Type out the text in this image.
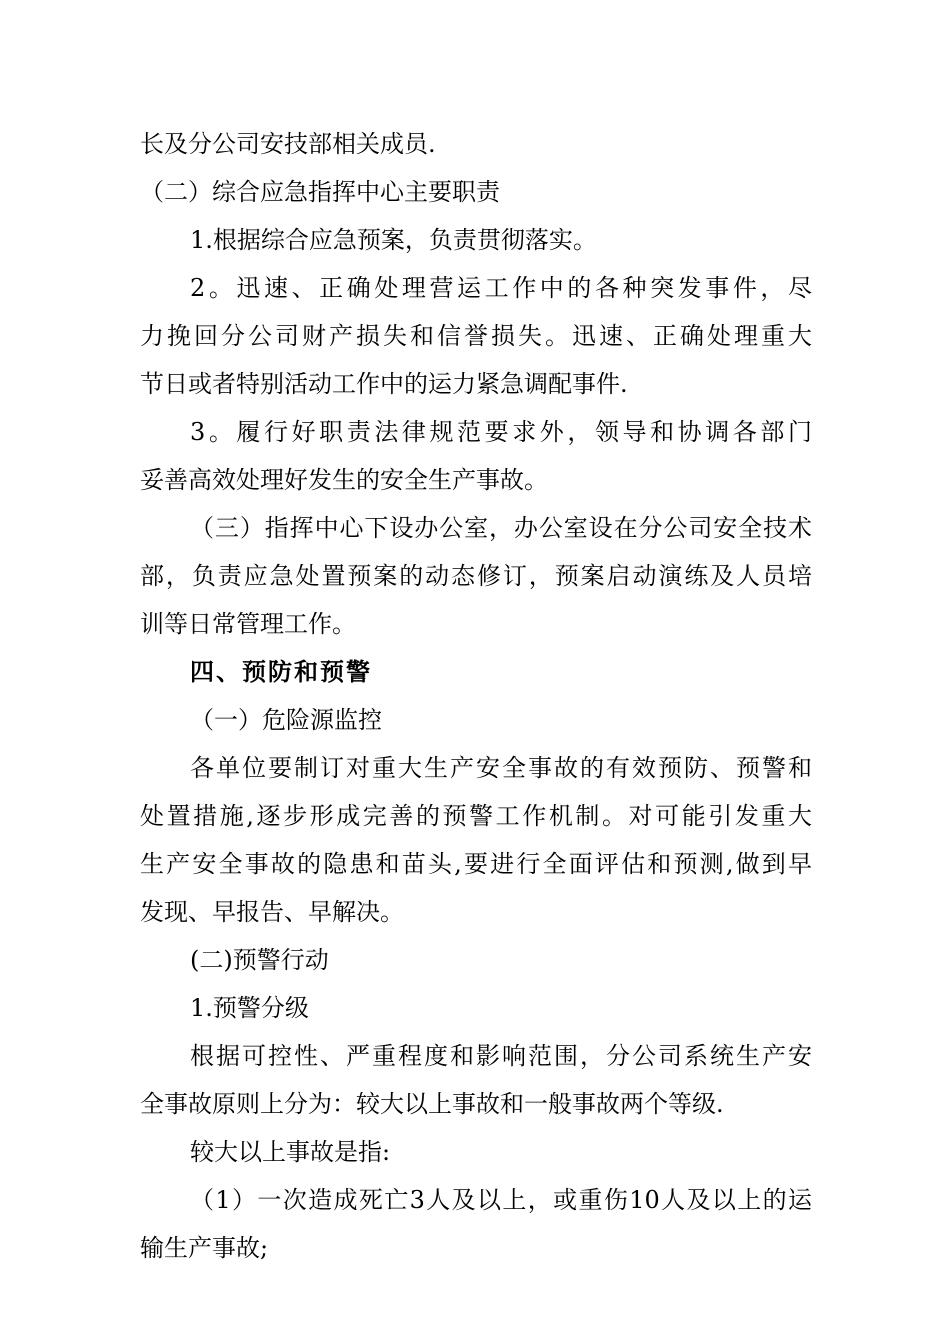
长及分公司安技部相关成员.
（二）综合应急指挥中心主要职责
1.根据综合应急预案，负责贯彻落实。
2。迅速、正确处理营运工作中的各种突发事件，尽
力挽回分公司财产损失和信誉损失。迅速、正确处理重大
节日或者特别活动工作中的运力紧急调配事件.
3。履行好职责法律规范要求外，领导和协调各部门
妥善高效处理好发生的安全生产事故。
（三）指挥中心下设办公室，办公室设在分公司安全技术
部，负责应急处置预案的动态修订，预案启动演练及人员培
训等日常管理工作。
四、预防和预警
（一）危险源监控
各单位要制订对重大生产安全事故的有效预防、预警和
处置措施,逐步形成完善的预警工作机制。对可能引发重大
生产安全事故的隐患和苗头,要进行全面评估和预测,做到早
发现、早报告、早解决。
(二)预警行动
1.预警分级
根据可控性、严重程度和影响范围，分公司系统生产安
全事故原则上分为：较大以上事故和一般事故两个等级.
较大以上事故是指:
（1）一次造成死亡3人及以上，或重伤10人及以上的运
输生产事故;
